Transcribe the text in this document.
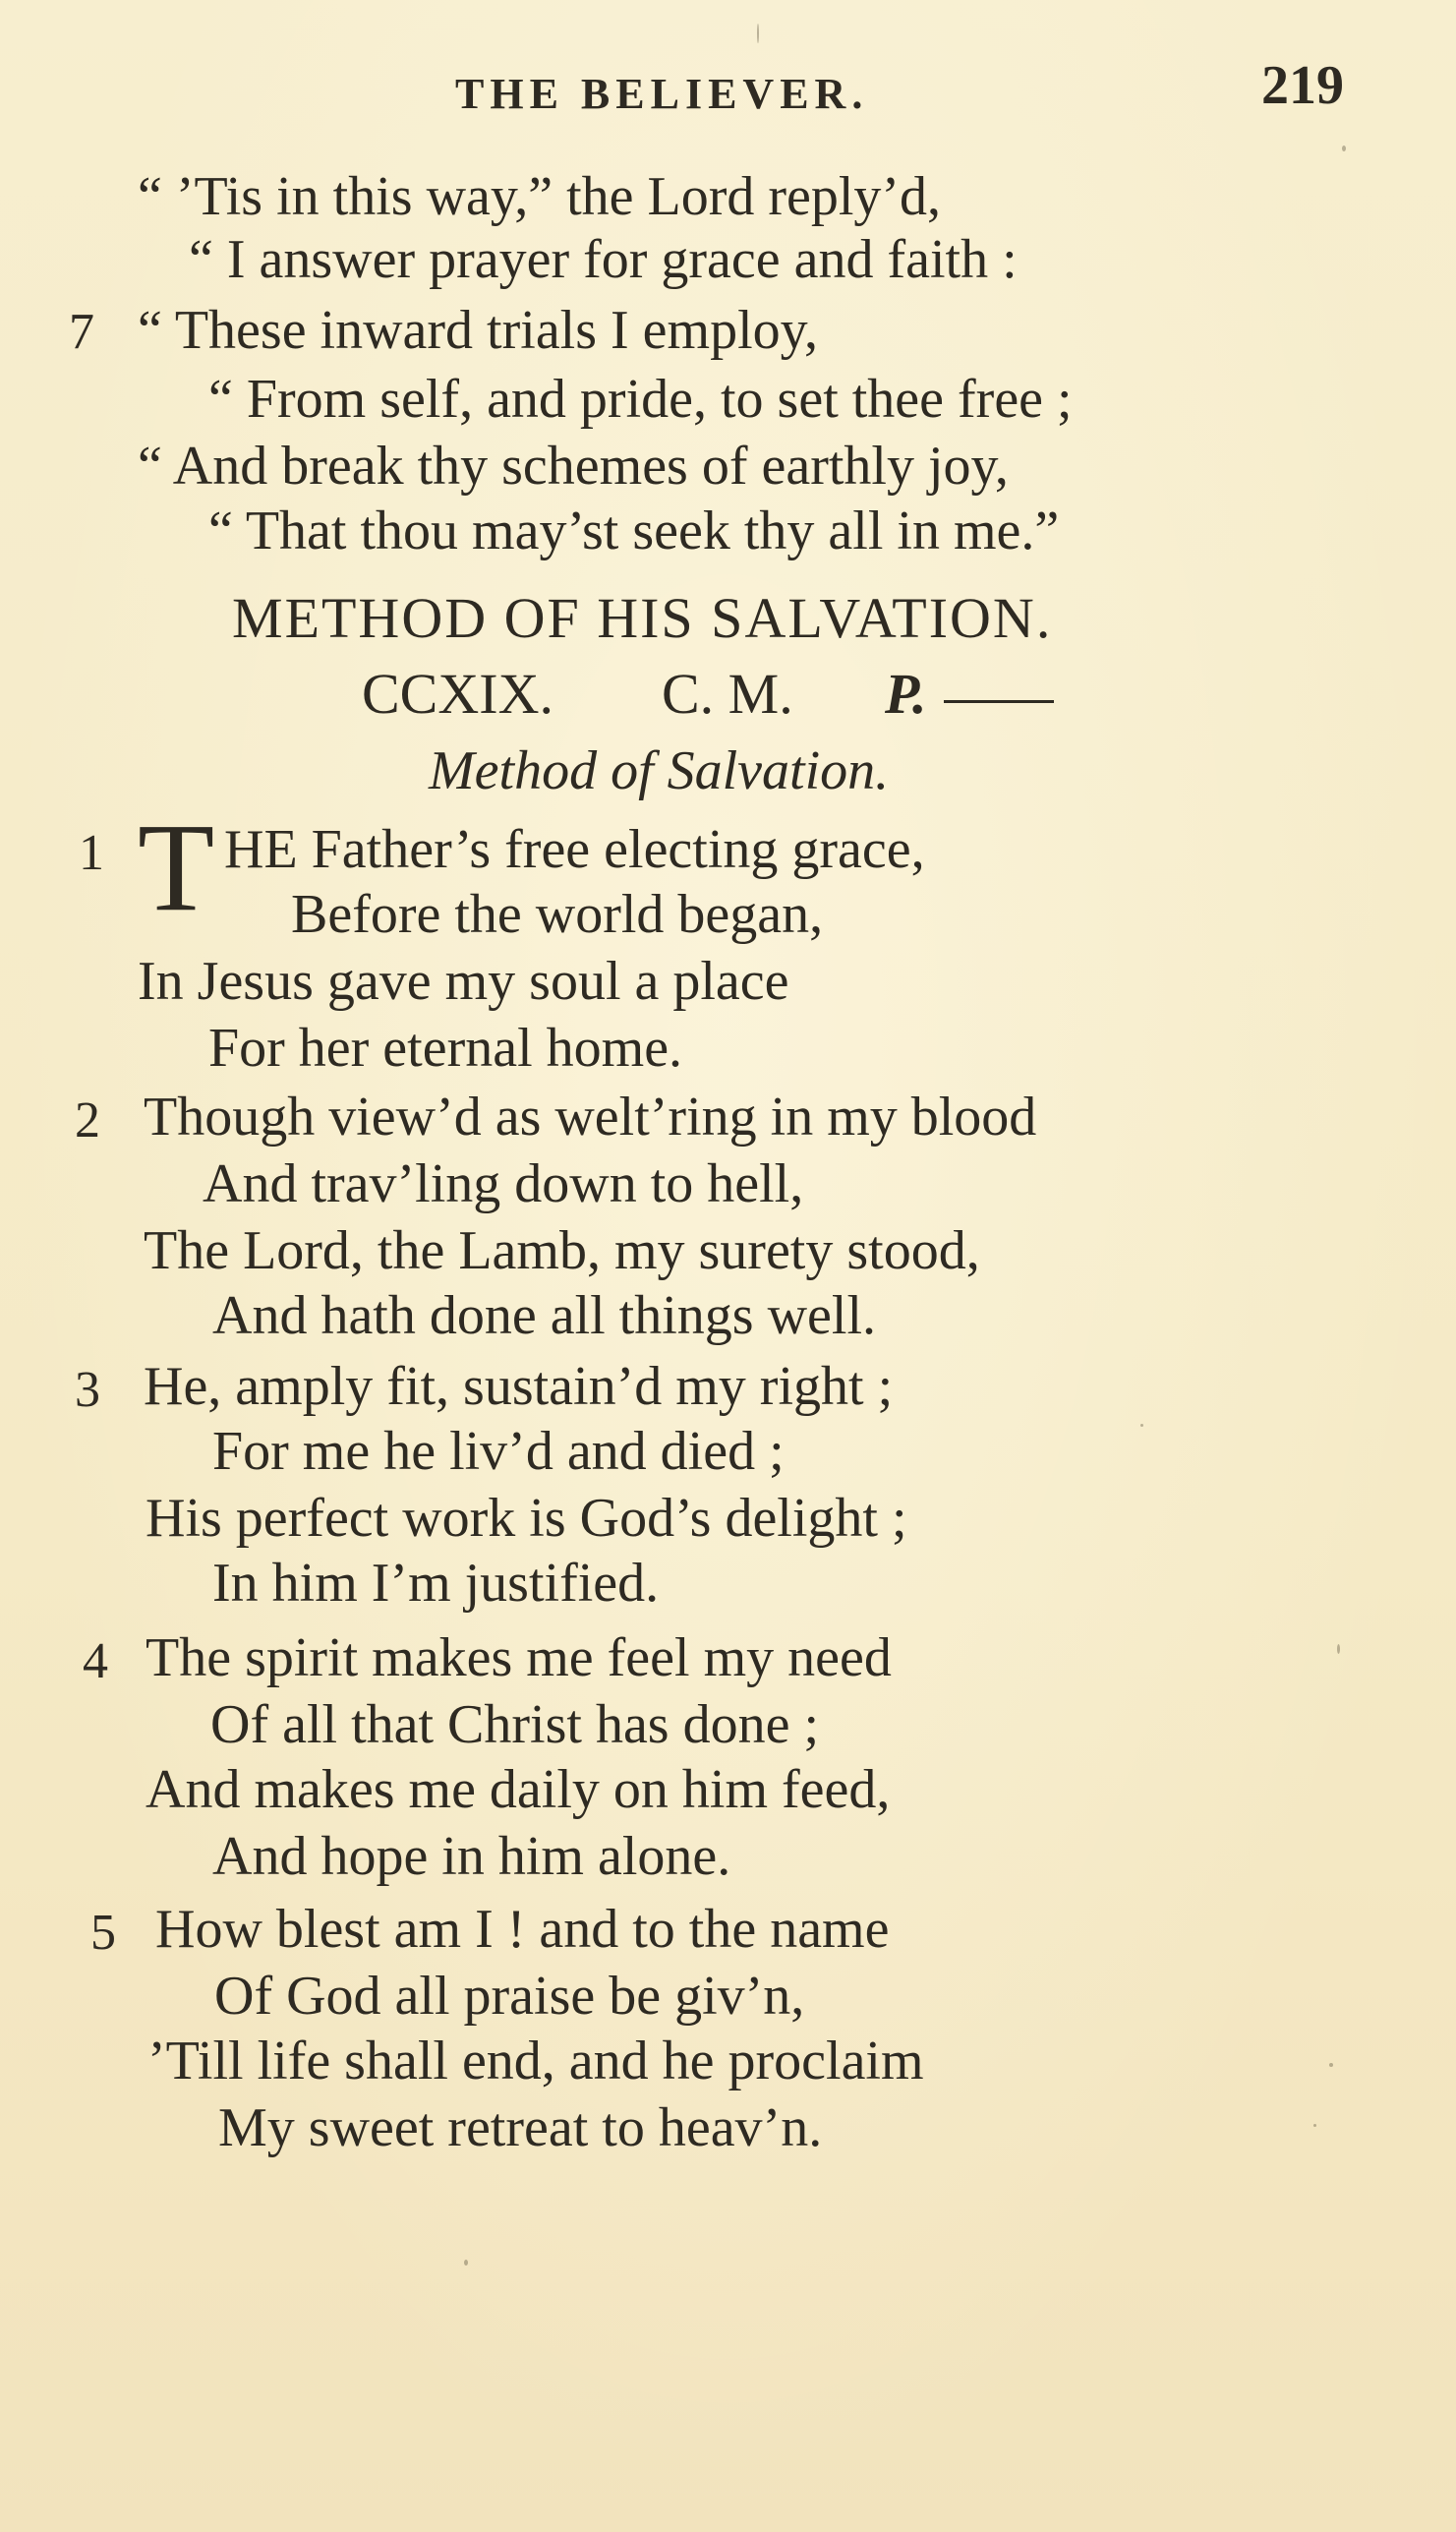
THE BELIEVER.	219
“ ’Tis in this way,” the Lord reply’d,
“ I answer prayer for grace and faith :
7 “ These inward trials I employ,
“ From self, and pride, to set thee free ;
“ And break thy schemes of earthly joy,
“ That thou may’st seek thy all in me.”
METHOD OF HIS SALVATION.
CCXIX. C. M. P.
Method of Salvation.
1 T HE Father’s free electing grace,
Before the world began,
In Jesus gave my soul a place
For her eternal home.
2 Though view’d as welt’ring in my blood
And trav’ling down to hell,
The Lord, the Lamb, my surety stood,
And hath done all things well.
3 He, amply fit, sustain’d my right ;
For me he liv’d and died ;
His perfect work is God’s delight ;
In him I’m justified.
4 The spirit makes me feel my need
Of all that Christ has done ;
And makes me daily on him feed,
And hope in him alone.
5 How blest am I ! and to the name
Of God all praise be giv’n,
’Till life shall end, and he proclaim
My sweet retreat to heav’n.
